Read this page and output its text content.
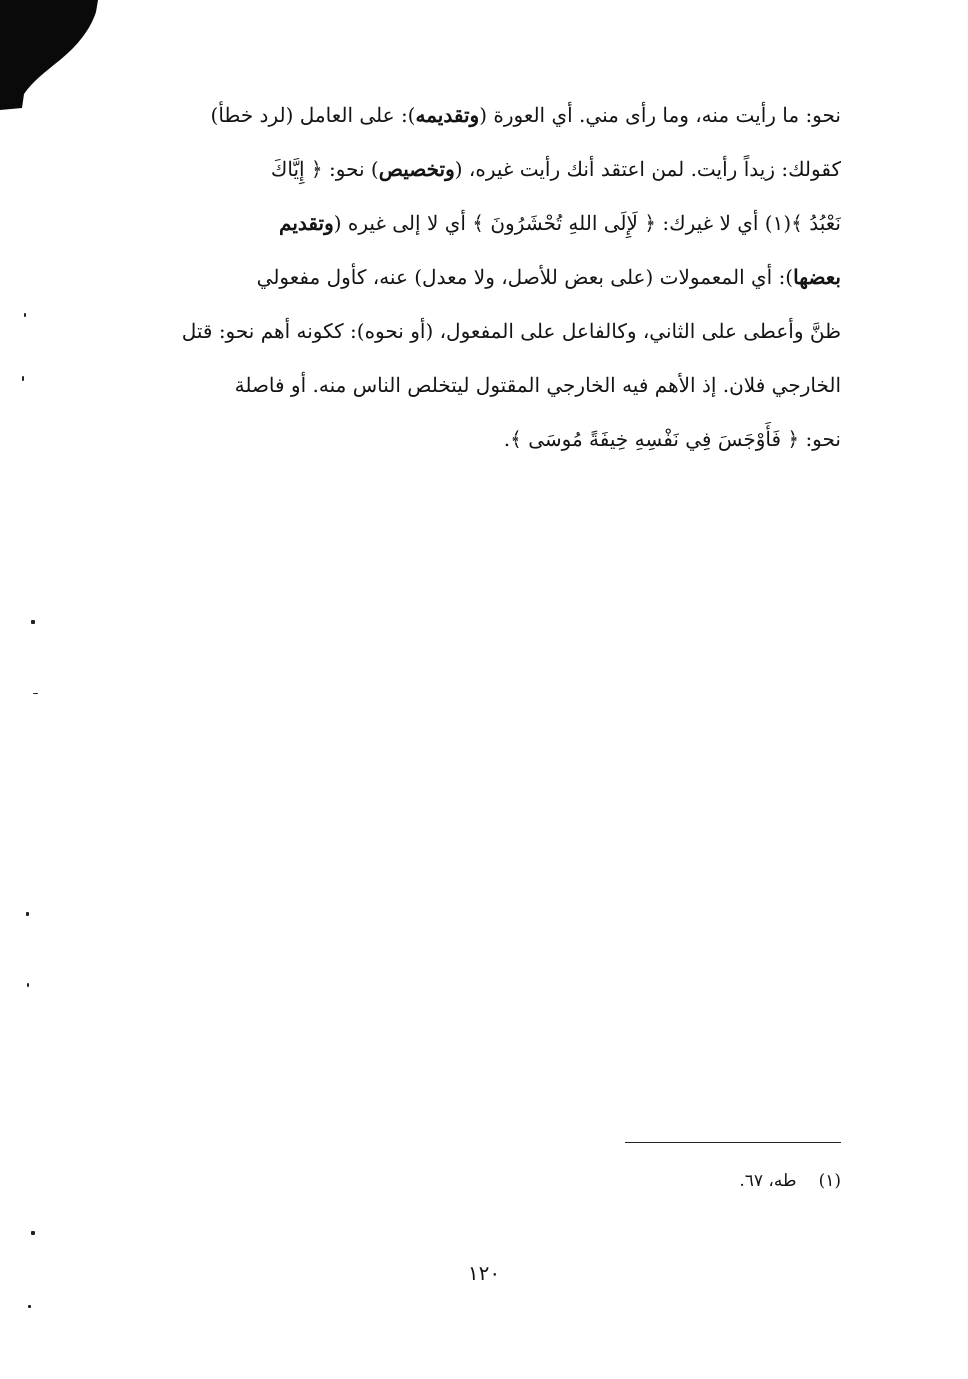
نحو: ما رأيت منه، وما رأى مني. أي العورة (وتقديمه): على العامل (لرد خطأ)
كقولك: زيداً رأيت. لمن اعتقد أنك رأيت غيره، (وتخصيص) نحو: ﴿ إِيَّاكَ
نَعْبُدُ ﴾(١) أي لا غيرك: ﴿ لَإِلَى اللهِ تُحْشَرُونَ ﴾ أي لا إلى غيره (وتقديم
بعضها): أي المعمولات (على بعض للأصل، ولا معدل) عنه، كأول مفعولي
ظنَّ وأعطى على الثاني، وكالفاعل على المفعول، (أو نحوه): ككونه أهم نحو: قتل
الخارجي فلان. إذ الأهم فيه الخارجي المقتول ليتخلص الناس منه. أو فاصلة
نحو: ﴿ فَأَوْجَسَ فِي نَفْسِهِ خِيفَةً مُوسَى ﴾.
(١)طه، ٦٧.
١٢٠
